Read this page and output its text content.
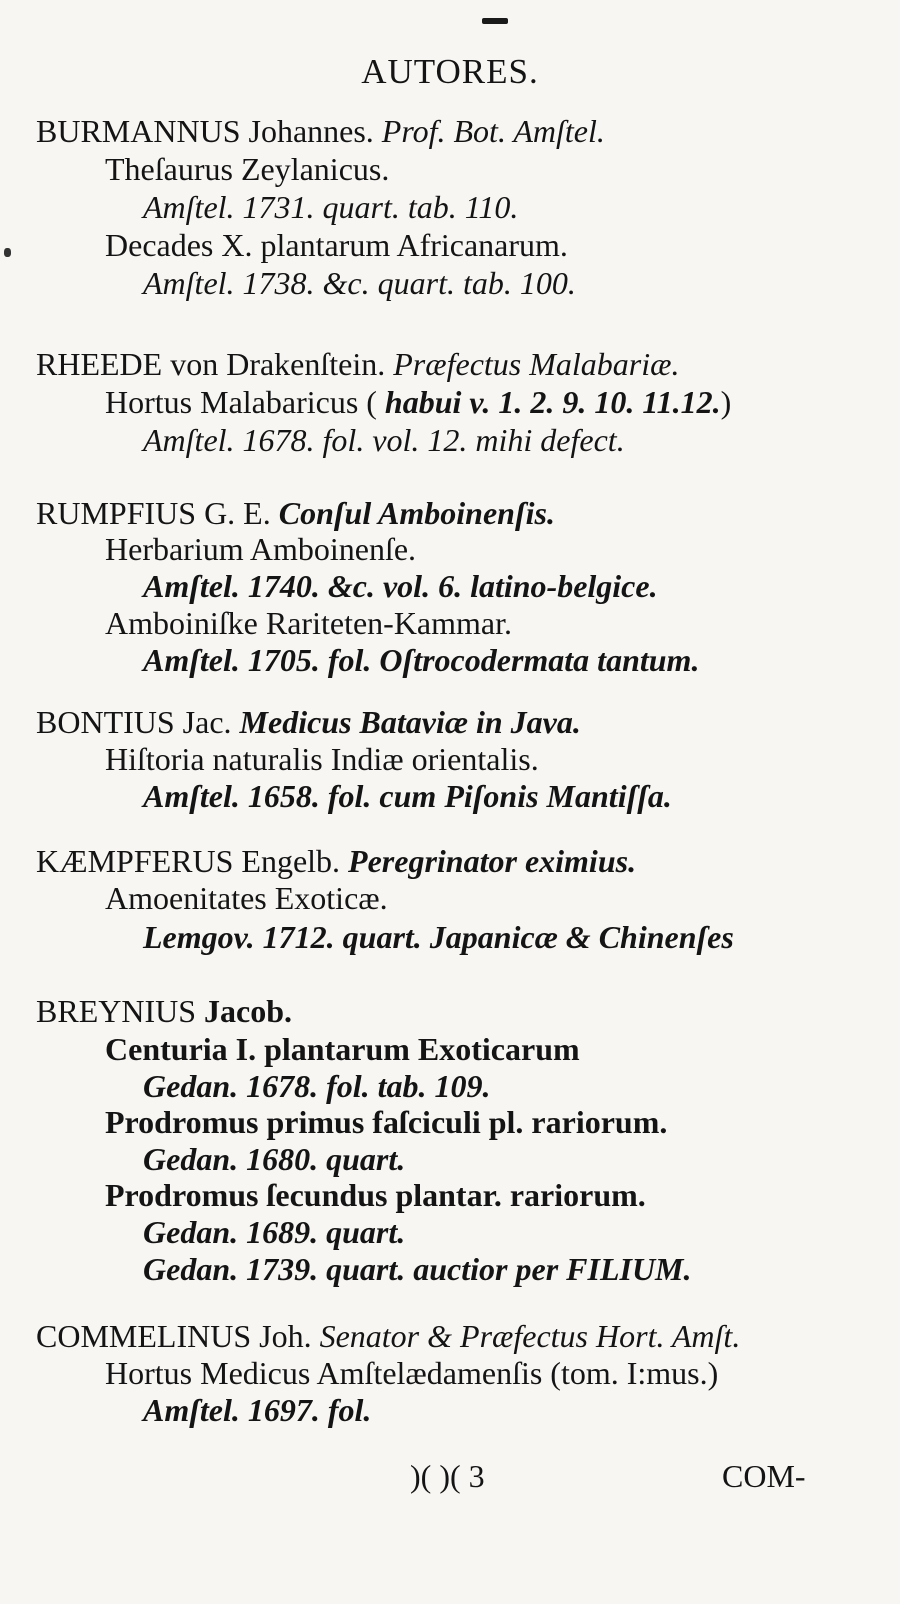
AUTORES.
BURMANNUS Johannes. Prof. Bot. Amſtel.
Theſaurus Zeylanicus.
Amſtel. 1731. quart. tab. 110.
Decades X. plantarum Africanarum.
Amſtel. 1738. &c. quart. tab. 100.
RHEEDE von Drakenſtein. Præfectus Malabariæ.
Hortus Malabaricus ( habui v. 1. 2. 9. 10. 11.12.)
Amſtel. 1678. fol. vol. 12. mihi defect.
RUMPFIUS G. E. Conſul Amboinenſis.
Herbarium Amboinenſe.
Amſtel. 1740. &c. vol. 6. latino-belgice.
Amboiniſke Rariteten-Kammar.
Amſtel. 1705. fol. Oſtrocodermata tantum.
BONTIUS Jac. Medicus Bataviæ in Java.
Hiſtoria naturalis Indiæ orientalis.
Amſtel. 1658. fol. cum Piſonis Mantiſſa.
KÆMPFERUS Engelb. Peregrinator eximius.
Amoenitates Exoticæ.
Lemgov. 1712. quart. Japanicæ & Chinenſes
BREYNIUS Jacob.
Centuria I. plantarum Exoticarum
Gedan. 1678. fol. tab. 109.
Prodromus primus faſciculi pl. rariorum.
Gedan. 1680. quart.
Prodromus ſecundus plantar. rariorum.
Gedan. 1689. quart.
Gedan. 1739. quart. auctior per FILIUM.
COMMELINUS Joh. Senator & Præfectus Hort. Amſt.
Hortus Medicus Amſtelædamenſis (tom. I:mus.)
Amſtel. 1697. fol.
)( )( 3	COM-
